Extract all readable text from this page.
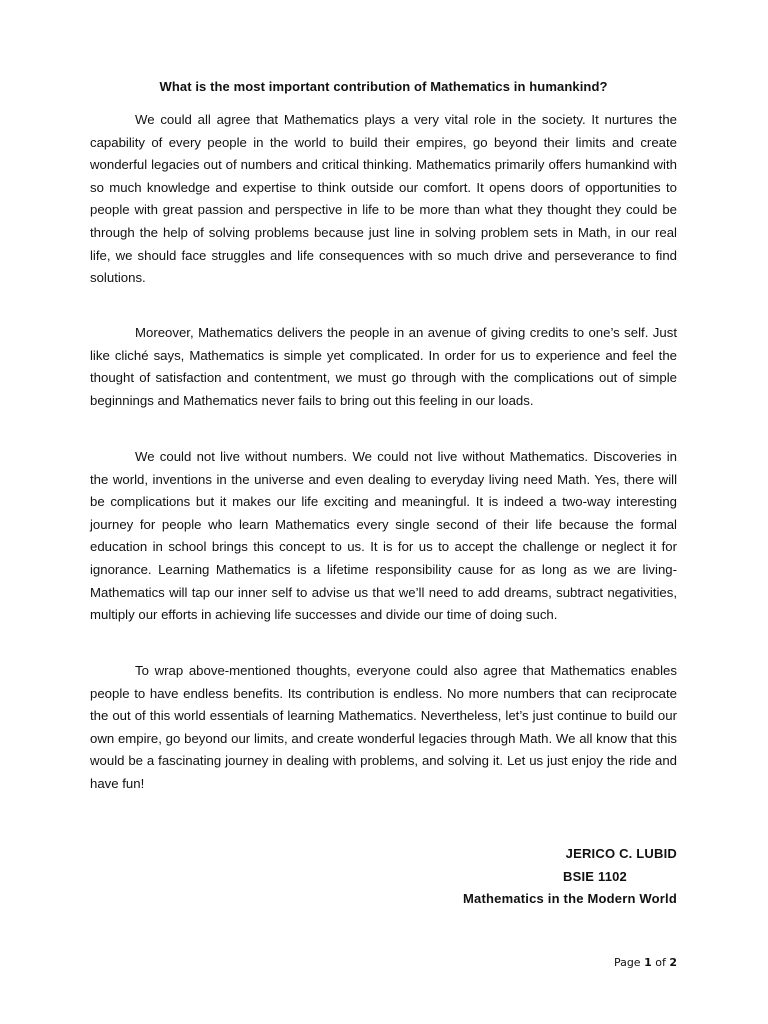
What is the most important contribution of Mathematics in humankind?

We could all agree that Mathematics plays a very vital role in the society. It nurtures the capability of every people in the world to build their empires, go beyond their limits and create wonderful legacies out of numbers and critical thinking. Mathematics primarily offers humankind with so much knowledge and expertise to think outside our comfort. It opens doors of opportunities to people with great passion and perspective in life to be more than what they thought they could be through the help of solving problems because just line in solving problem sets in Math, in our real life, we should face struggles and life consequences with so much drive and perseverance to find solutions.

Moreover, Mathematics delivers the people in an avenue of giving credits to one’s self. Just like cliché says, Mathematics is simple yet complicated. In order for us to experience and feel the thought of satisfaction and contentment, we must go through with the complications out of simple beginnings and Mathematics never fails to bring out this feeling in our loads.

We could not live without numbers. We could not live without Mathematics. Discoveries in the world, inventions in the universe and even dealing to everyday living need Math. Yes, there will be complications but it makes our life exciting and meaningful. It is indeed a two-way interesting journey for people who learn Mathematics every single second of their life because the formal education in school brings this concept to us. It is for us to accept the challenge or neglect it for ignorance. Learning Mathematics is a lifetime responsibility cause for as long as we are living- Mathematics will tap our inner self to advise us that we’ll need to add dreams, subtract negativities, multiply our efforts in achieving life successes and divide our time of doing such.

To wrap above-mentioned thoughts, everyone could also agree that Mathematics enables people to have endless benefits. Its contribution is endless. No more numbers that can reciprocate the out of this world essentials of learning Mathematics. Nevertheless, let’s just continue to build our own empire, go beyond our limits, and create wonderful legacies through Math. We all know that this would be a fascinating journey in dealing with problems, and solving it. Let us just enjoy the ride and have fun!

JERICO C. LUBID
BSIE 1102
Mathematics in the Modern World
Page 1 of 2
